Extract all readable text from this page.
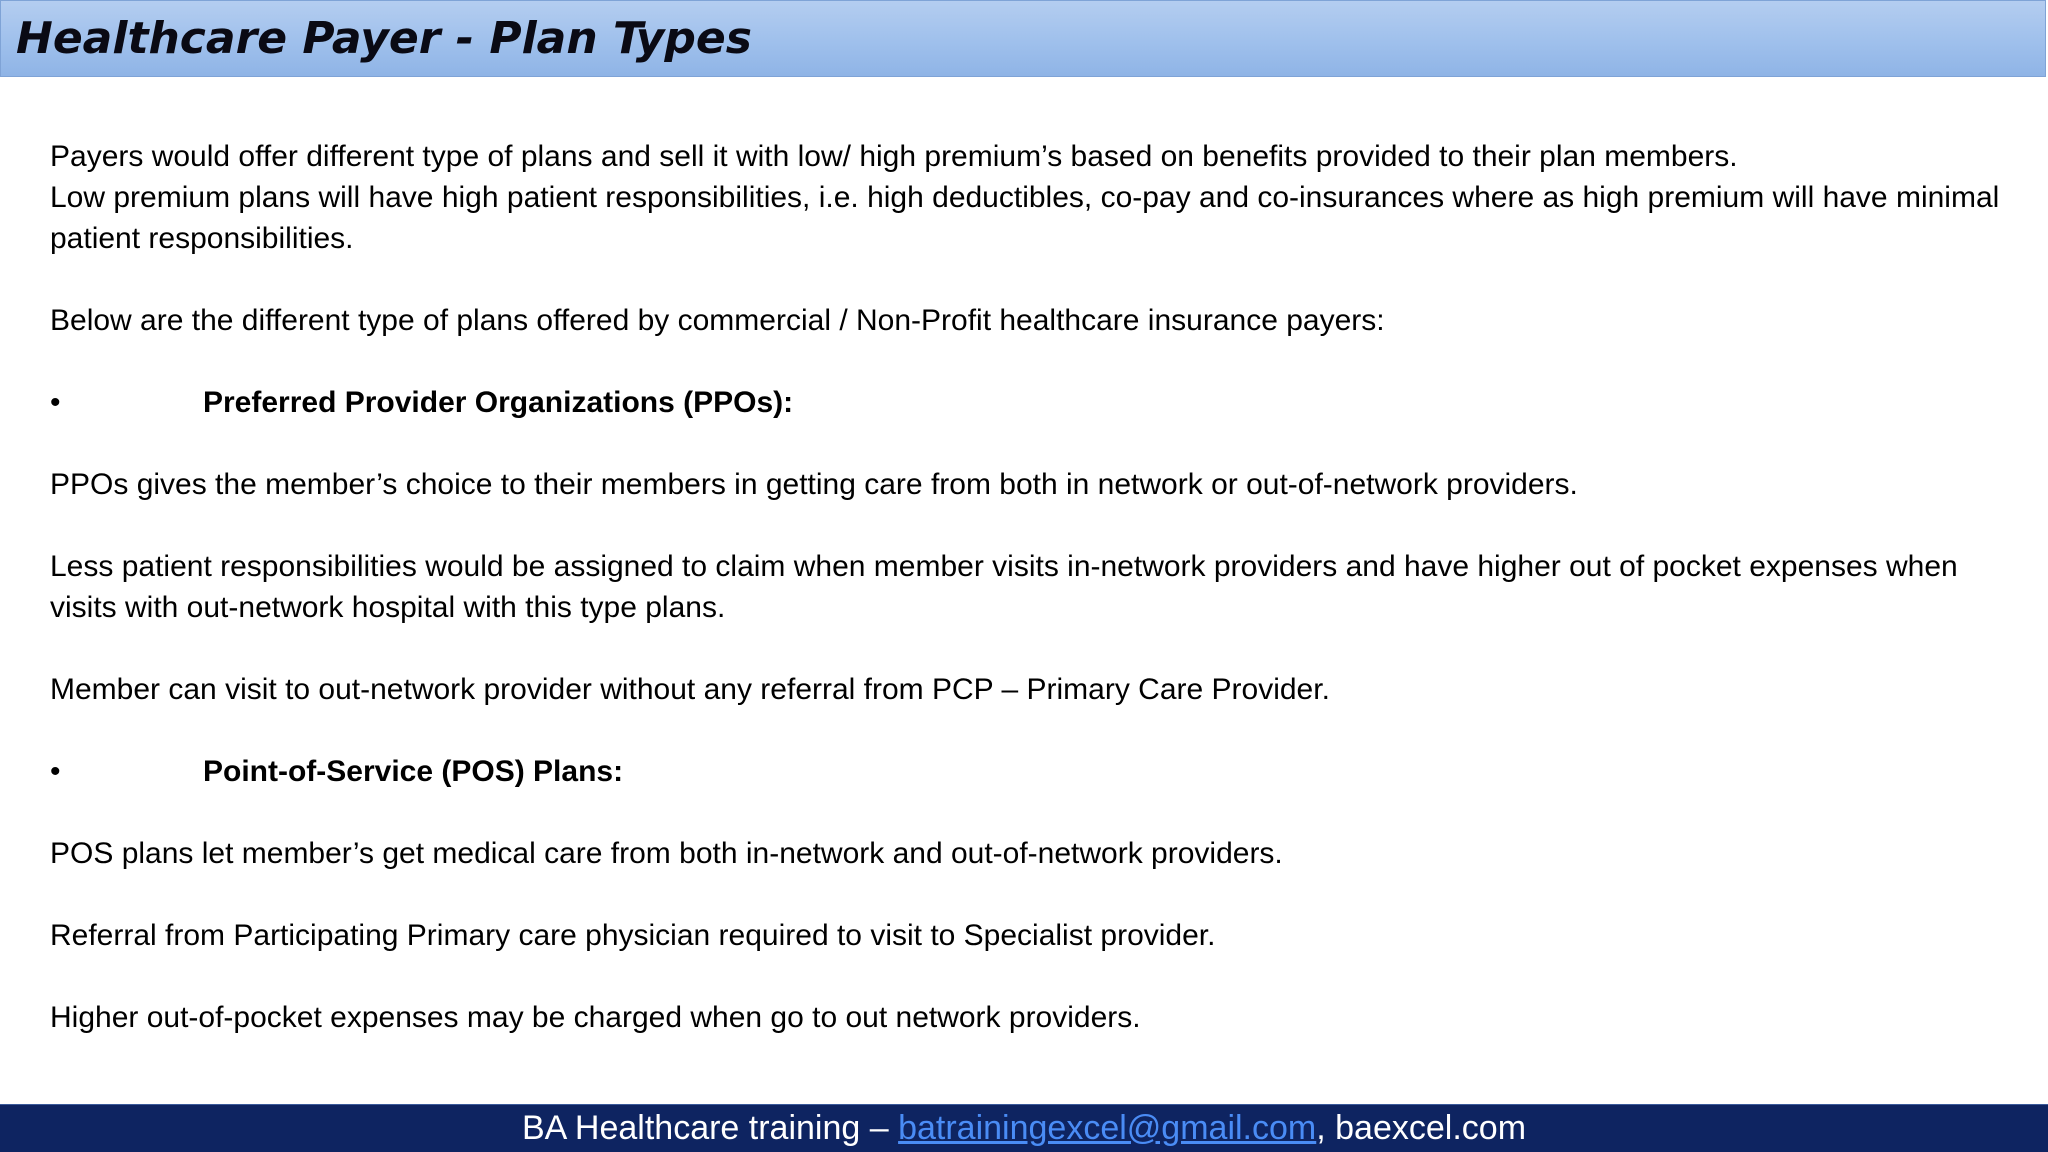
Healthcare Payer - Plan Types

Payers would offer different type of plans and sell it with low/ high premium’s based on benefits provided to their plan members.

Low premium plans will have high patient responsibilities, i.e. high deductibles, co-pay and co-insurances where as high premium will have minimal patient responsibilities.

Below are the different type of plans offered by commercial / Non-Profit healthcare insurance payers:

•	Preferred Provider Organizations (PPOs):

PPOs gives the member’s choice to their members in getting care from both in network or out-of-network providers.

Less patient responsibilities would be assigned to claim when member visits in-network providers and have higher out of pocket expenses when visits with out-network hospital with this type plans.

Member can visit to out-network provider without any referral from PCP – Primary Care Provider.

•	Point-of-Service (POS) Plans:

POS plans let member’s get medical care from both in-network and out-of-network providers.

Referral from Participating Primary care physician required to visit to Specialist provider.

Higher out-of-pocket expenses may be charged when go to out network providers.

BA Healthcare training – batrainingexcel@gmail.com, baexcel.com
